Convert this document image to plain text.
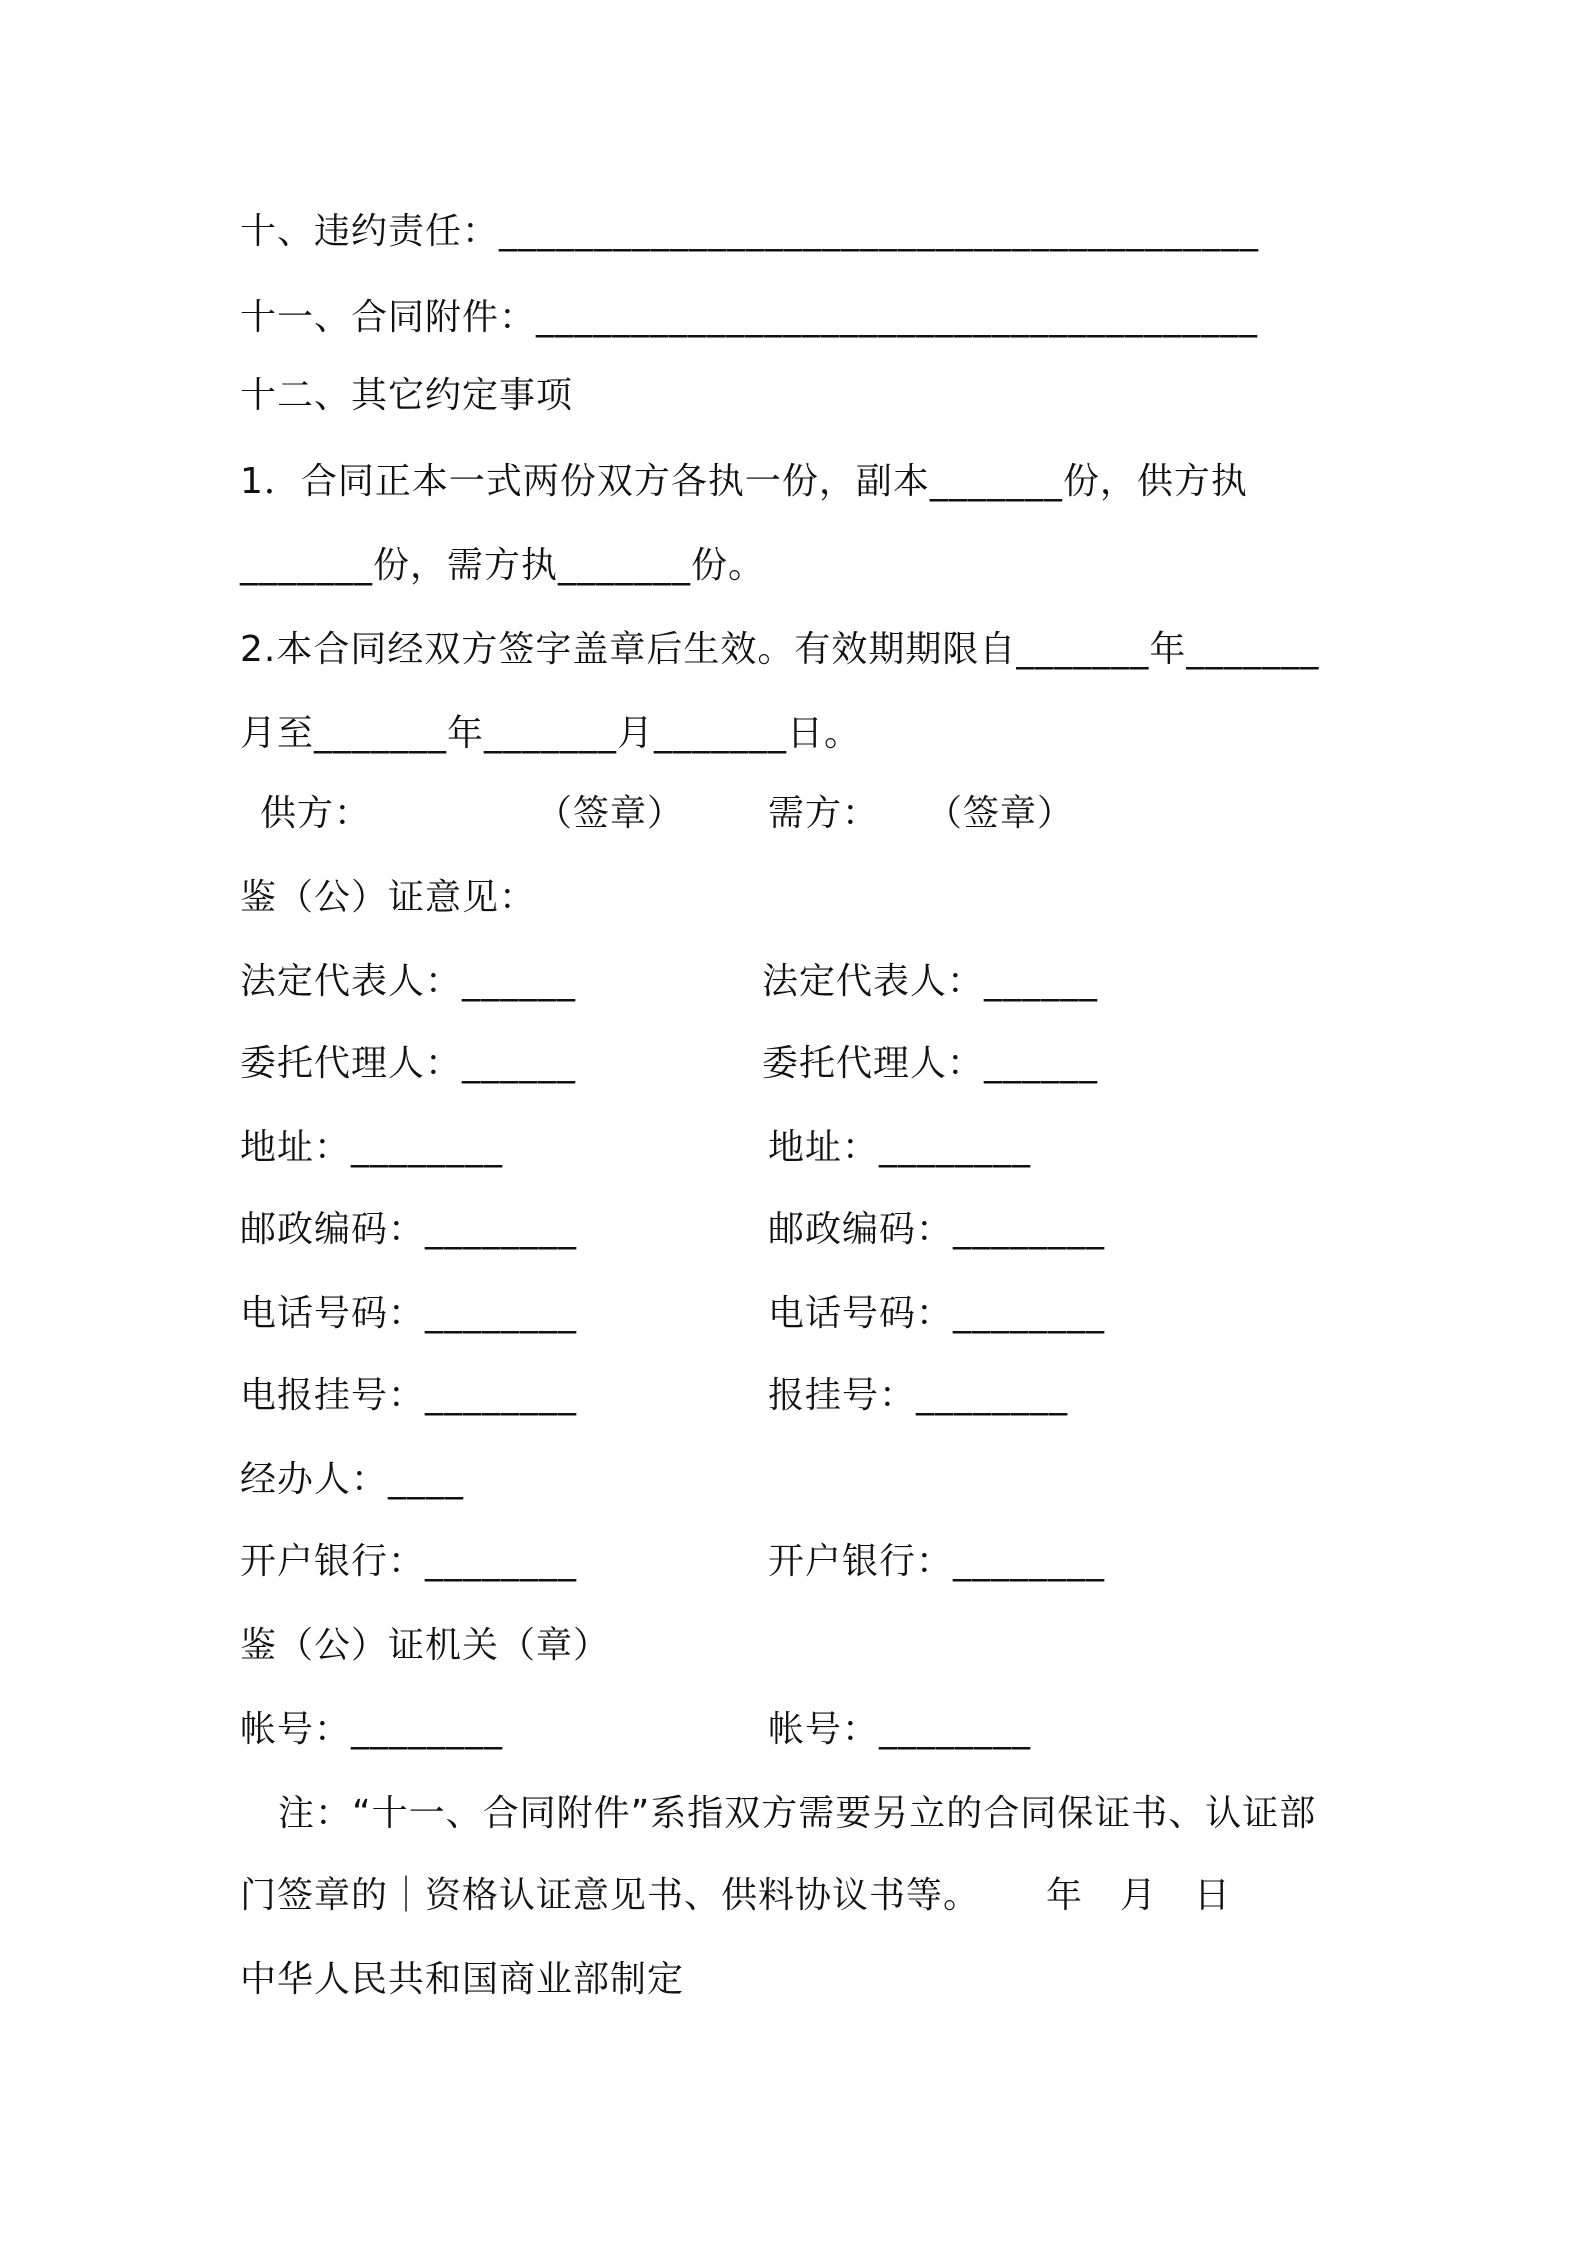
十、违约责任：________________________________________
十一、合同附件：______________________________________
十二、其它约定事项
1．合同正本一式两份双方各执一份，副本_______份，供方执
_______份，需方执_______份。
2.本合同经双方签字盖章后生效。有效期期限自_______年_______
月至_______年_______月_______日。
供方：	（签章） 需方： （签章）
鉴（公）证意见：
法定代表人：______
委托代理人：______
地址：________
邮政编码：________
电话号码：________
电报挂号：________
经办人：____
开户银行：________
鉴（公）证机关（章）
帐号：________
法定代表人：______
委托代理人：______
地址：________
邮政编码：________
电话号码：________
报挂号：________
开户银行：________
帐号：________
注：“十一、合同附件”系指双方需要另立的合同保证书、认证部
门签章的｜资格认证意见书、供料协议书等。 年　月　日
中华人民共和国商业部制定
